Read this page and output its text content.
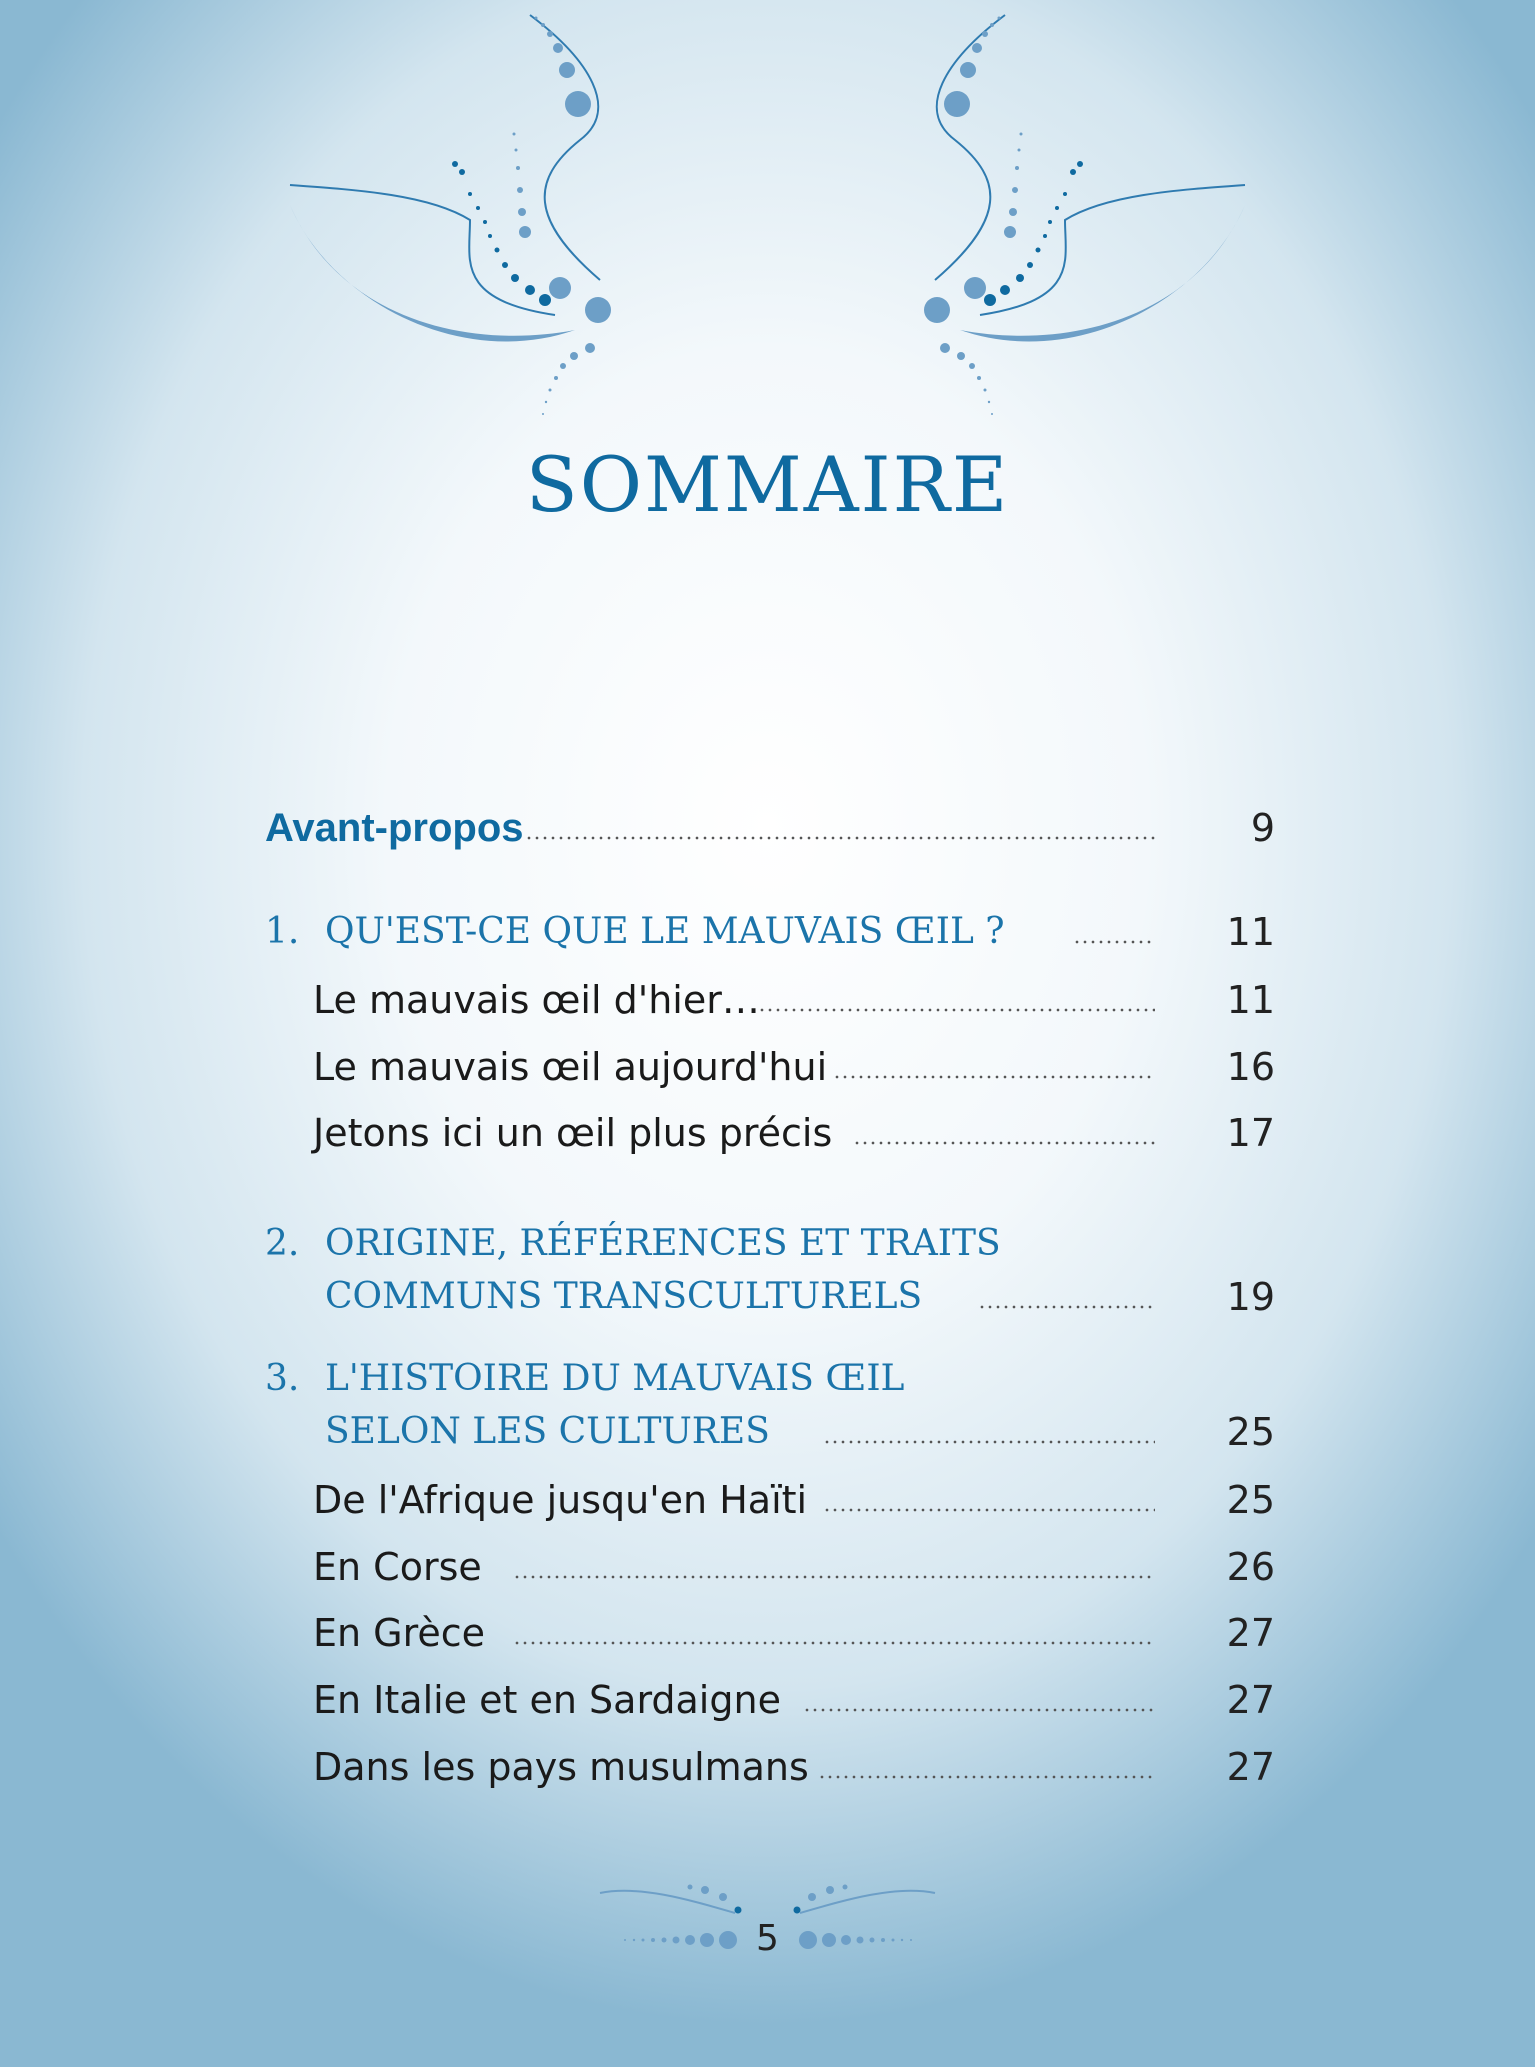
SOMMAIRE
Avant-propos	9
1. QU'EST-CE QUE LE MAUVAIS ŒIL ?	11
Le mauvais œil d'hier…	11
Le mauvais œil aujourd'hui	16
Jetons ici un œil plus précis	17
2. ORIGINE, RÉFÉRENCES ET TRAITS
COMMUNS TRANSCULTURELS	19
3. L'HISTOIRE DU MAUVAIS ŒIL
SELON LES CULTURES	25
De l'Afrique jusqu'en Haïti	25
En Corse	26
En Grèce	27
En Italie et en Sardaigne	27
Dans les pays musulmans	27
5
